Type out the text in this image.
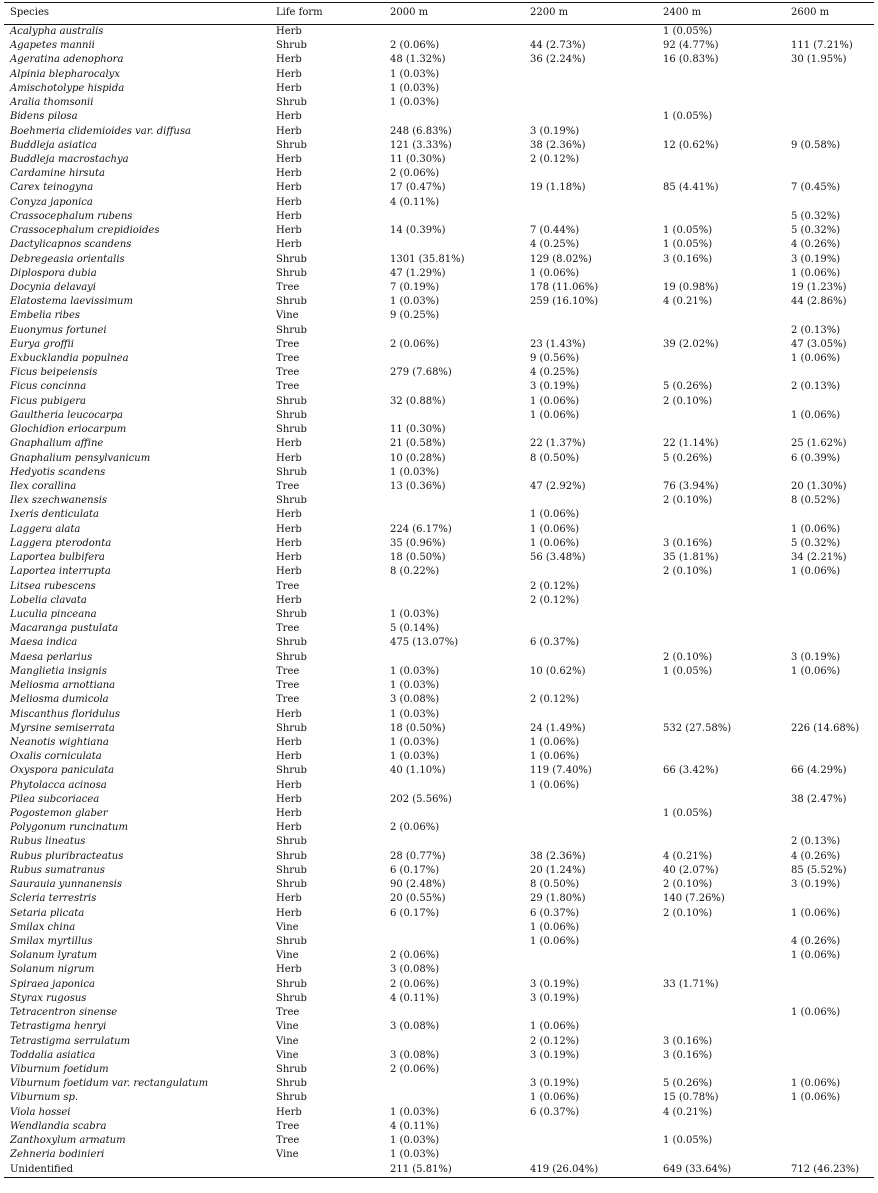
Species	Life form	2000 m	2200 m	2400 m	2600 m
Acalypha australis	Herb			1 (0.05%)	
Agapetes mannii	Shrub	2 (0.06%)	44 (2.73%)	92 (4.77%)	111 (7.21%)
Ageratina adenophora	Herb	48 (1.32%)	36 (2.24%)	16 (0.83%)	30 (1.95%)
Alpinia blepharocalyx	Herb	1 (0.03%)			
Amischotolype hispida	Herb	1 (0.03%)			
Aralia thomsonii	Shrub	1 (0.03%)			
Bidens pilosa	Herb			1 (0.05%)	
Boehmeria clidemioides var. diffusa	Herb	248 (6.83%)	3 (0.19%)		
Buddleja asiatica	Shrub	121 (3.33%)	38 (2.36%)	12 (0.62%)	9 (0.58%)
Buddleja macrostachya	Herb	11 (0.30%)	2 (0.12%)		
Cardamine hirsuta	Herb	2 (0.06%)			
Carex teinogyna	Herb	17 (0.47%)	19 (1.18%)	85 (4.41%)	7 (0.45%)
Conyza japonica	Herb	4 (0.11%)			
Crassocephalum rubens	Herb				5 (0.32%)
Crassocephalum crepidioides	Herb	14 (0.39%)	7 (0.44%)	1 (0.05%)	5 (0.32%)
Dactylicapnos scandens	Herb		4 (0.25%)	1 (0.05%)	4 (0.26%)
Debregeasia orientalis	Shrub	1301 (35.81%)	129 (8.02%)	3 (0.16%)	3 (0.19%)
Diplospora dubia	Shrub	47 (1.29%)	1 (0.06%)		1 (0.06%)
Docynia delavayi	Tree	7 (0.19%)	178 (11.06%)	19 (0.98%)	19 (1.23%)
Elatostema laevissimum	Shrub	1 (0.03%)	259 (16.10%)	4 (0.21%)	44 (2.86%)
Embelia ribes	Vine	9 (0.25%)			
Euonymus fortunei	Shrub				2 (0.13%)
Eurya groffii	Tree	2 (0.06%)	23 (1.43%)	39 (2.02%)	47 (3.05%)
Exbucklandia populnea	Tree		9 (0.56%)		1 (0.06%)
Ficus beipeiensis	Tree	279 (7.68%)	4 (0.25%)		
Ficus concinna	Tree		3 (0.19%)	5 (0.26%)	2 (0.13%)
Ficus pubigera	Shrub	32 (0.88%)	1 (0.06%)	2 (0.10%)	
Gaultheria leucocarpa	Shrub		1 (0.06%)		1 (0.06%)
Glochidion eriocarpum	Shrub	11 (0.30%)			
Gnaphalium affine	Herb	21 (0.58%)	22 (1.37%)	22 (1.14%)	25 (1.62%)
Gnaphalium pensylvanicum	Herb	10 (0.28%)	8 (0.50%)	5 (0.26%)	6 (0.39%)
Hedyotis scandens	Shrub	1 (0.03%)			
Ilex corallina	Tree	13 (0.36%)	47 (2.92%)	76 (3.94%)	20 (1.30%)
Ilex szechwanensis	Shrub			2 (0.10%)	8 (0.52%)
Ixeris denticulata	Herb		1 (0.06%)		
Laggera alata	Herb	224 (6.17%)	1 (0.06%)		1 (0.06%)
Laggera pterodonta	Herb	35 (0.96%)	1 (0.06%)	3 (0.16%)	5 (0.32%)
Laportea bulbifera	Herb	18 (0.50%)	56 (3.48%)	35 (1.81%)	34 (2.21%)
Laportea interrupta	Herb	8 (0.22%)		2 (0.10%)	1 (0.06%)
Litsea rubescens	Tree		2 (0.12%)		
Lobelia clavata	Herb		2 (0.12%)		
Luculia pinceana	Shrub	1 (0.03%)			
Macaranga pustulata	Tree	5 (0.14%)			
Maesa indica	Shrub	475 (13.07%)	6 (0.37%)		
Maesa perlarius	Shrub			2 (0.10%)	3 (0.19%)
Manglietia insignis	Tree	1 (0.03%)	10 (0.62%)	1 (0.05%)	1 (0.06%)
Meliosma arnottiana	Tree	1 (0.03%)			
Meliosma dumicola	Tree	3 (0.08%)	2 (0.12%)		
Miscanthus floridulus	Herb	1 (0.03%)			
Myrsine semiserrata	Shrub	18 (0.50%)	24 (1.49%)	532 (27.58%)	226 (14.68%)
Neanotis wightiana	Herb	1 (0.03%)	1 (0.06%)		
Oxalis corniculata	Herb	1 (0.03%)	1 (0.06%)		
Oxyspora paniculata	Shrub	40 (1.10%)	119 (7.40%)	66 (3.42%)	66 (4.29%)
Phytolacca acinosa	Herb		1 (0.06%)		
Pilea subcoriacea	Herb	202 (5.56%)			38 (2.47%)
Pogostemon glaber	Herb			1 (0.05%)	
Polygonum runcinatum	Herb	2 (0.06%)			
Rubus lineatus	Shrub				2 (0.13%)
Rubus pluribracteatus	Shrub	28 (0.77%)	38 (2.36%)	4 (0.21%)	4 (0.26%)
Rubus sumatranus	Shrub	6 (0.17%)	20 (1.24%)	40 (2.07%)	85 (5.52%)
Saurauia yunnanensis	Shrub	90 (2.48%)	8 (0.50%)	2 (0.10%)	3 (0.19%)
Scleria terrestris	Herb	20 (0.55%)	29 (1.80%)	140 (7.26%)	
Setaria plicata	Herb	6 (0.17%)	6 (0.37%)	2 (0.10%)	1 (0.06%)
Smilax china	Vine		1 (0.06%)		
Smilax myrtillus	Shrub		1 (0.06%)		4 (0.26%)
Solanum lyratum	Vine	2 (0.06%)			1 (0.06%)
Solanum nigrum	Herb	3 (0.08%)			
Spiraea japonica	Shrub	2 (0.06%)	3 (0.19%)	33 (1.71%)	
Styrax rugosus	Shrub	4 (0.11%)	3 (0.19%)		
Tetracentron sinense	Tree				1 (0.06%)
Tetrastigma henryi	Vine	3 (0.08%)	1 (0.06%)		
Tetrastigma serrulatum	Vine		2 (0.12%)	3 (0.16%)	
Toddalia asiatica	Vine	3 (0.08%)	3 (0.19%)	3 (0.16%)	
Viburnum foetidum	Shrub	2 (0.06%)			
Viburnum foetidum var. rectangulatum	Shrub		3 (0.19%)	5 (0.26%)	1 (0.06%)
Viburnum sp.	Shrub		1 (0.06%)	15 (0.78%)	1 (0.06%)
Viola hossei	Herb	1 (0.03%)	6 (0.37%)	4 (0.21%)	
Wendlandia scabra	Tree	4 (0.11%)			
Zanthoxylum armatum	Tree	1 (0.03%)		1 (0.05%)	
Zehneria bodinieri	Vine	1 (0.03%)			
Unidentified		211 (5.81%)	419 (26.04%)	649 (33.64%)	712 (46.23%)
